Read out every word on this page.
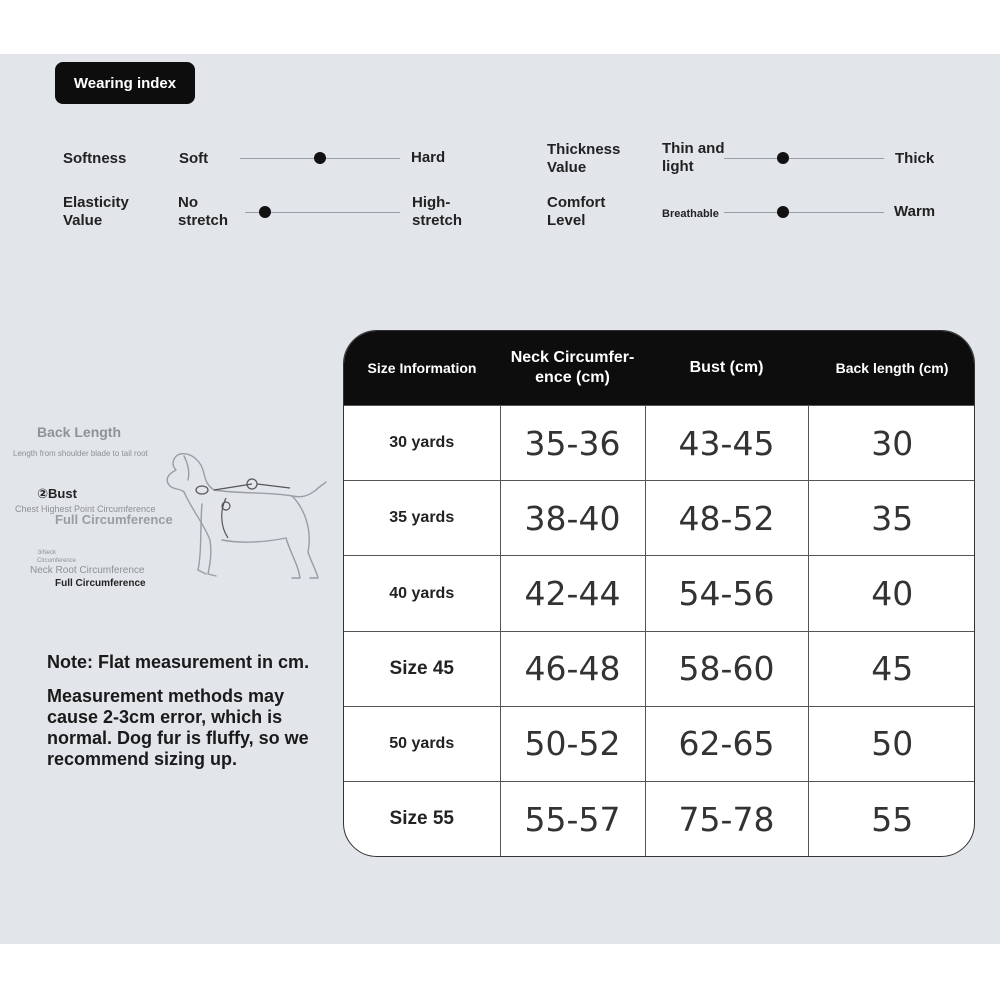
Wearing index
Softness	Soft	Hard
Elasticity Value
No stretch
High-stretch
Thickness Value
Thin and light	Thick
Comfort Level	Breathable	Warm
Back Length
Length from shoulder blade to tail root
②Bust
Chest Highest Point Circumference
Full Circumference
③Neck Circumference
Neck Root Circumference
Full Circumference
Note: Flat measurement in cm.
Measurement methods may cause 2-3cm error, which is normal. Dog fur is fluffy, so we recommend sizing up.
Size Information	Neck Circumfer-ence (cm)	Bust (cm)	Back length (cm)
30 yards	35-36	43-45	30
35 yards	38-40	48-52	35
40 yards	42-44	54-56	40
Size 45	46-48	58-60	45
50 yards	50-52	62-65	50
Size 55	55-57	75-78	55
